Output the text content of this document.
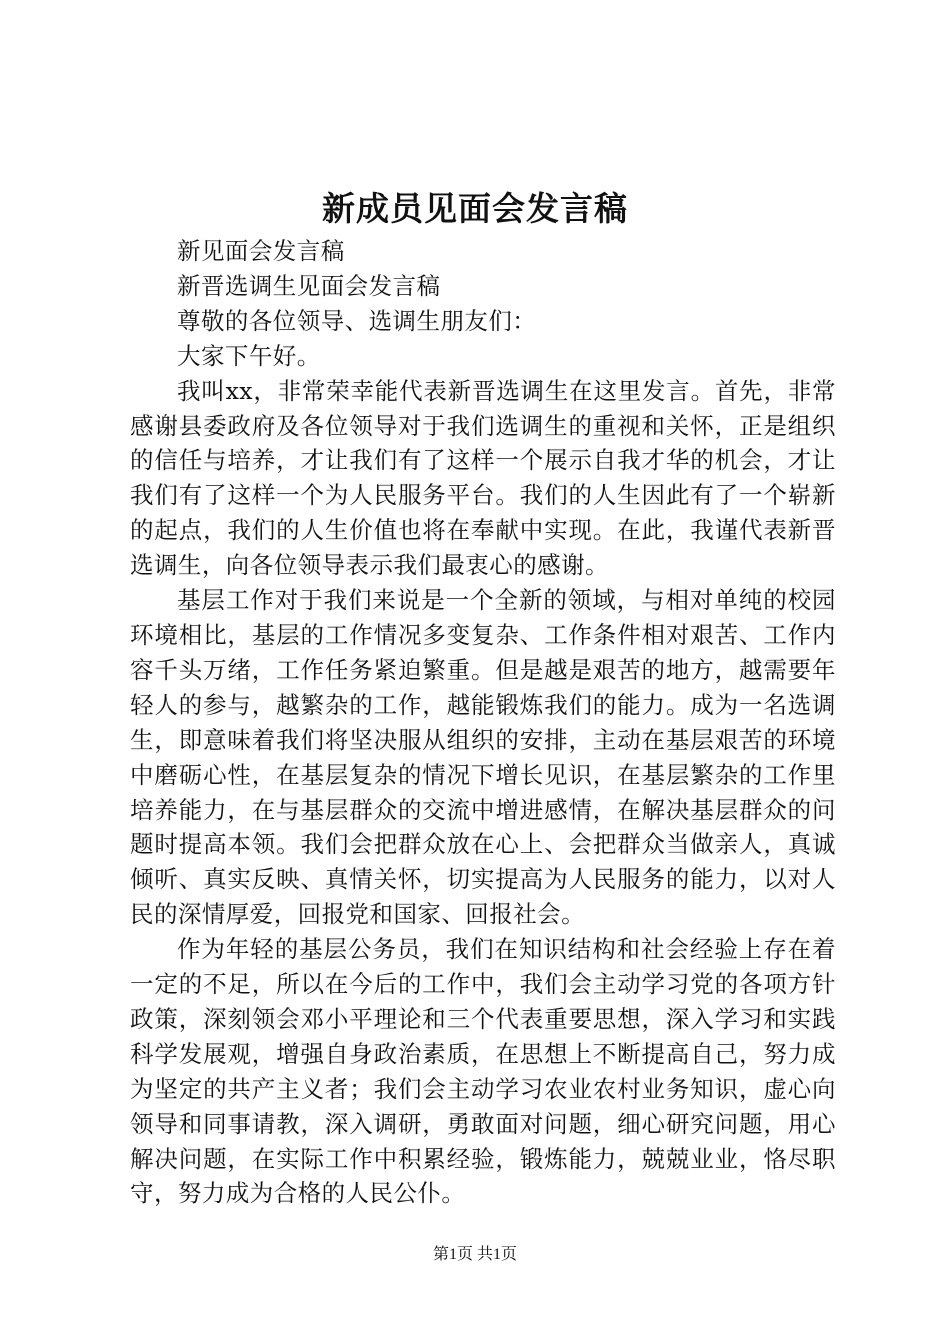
新成员见面会发言稿

新见面会发言稿

新晋选调生见面会发言稿

尊敬的各位领导、选调生朋友们：

大家下午好。

我叫xx，非常荣幸能代表新晋选调生在这里发言。首先，非常感谢县委政府及各位领导对于我们选调生的重视和关怀，正是组织的信任与培养，才让我们有了这样一个展示自我才华的机会，才让我们有了这样一个为人民服务平台。我们的人生因此有了一个崭新的起点，我们的人生价值也将在奉献中实现。在此，我谨代表新晋选调生，向各位领导表示我们最衷心的感谢。

基层工作对于我们来说是一个全新的领域，与相对单纯的校园环境相比，基层的工作情况多变复杂、工作条件相对艰苦、工作内容千头万绪，工作任务紧迫繁重。但是越是艰苦的地方，越需要年轻人的参与，越繁杂的工作，越能锻炼我们的能力。成为一名选调生，即意味着我们将坚决服从组织的安排，主动在基层艰苦的环境中磨砺心性，在基层复杂的情况下增长见识，在基层繁杂的工作里培养能力，在与基层群众的交流中增进感情，在解决基层群众的问题时提高本领。我们会把群众放在心上、会把群众当做亲人，真诚倾听、真实反映、真情关怀，切实提高为人民服务的能力，以对人民的深情厚爱，回报党和国家、回报社会。

作为年轻的基层公务员，我们在知识结构和社会经验上存在着一定的不足，所以在今后的工作中，我们会主动学习党的各项方针政策，深刻领会邓小平理论和三个代表重要思想，深入学习和实践科学发展观，增强自身政治素质，在思想上不断提高自己，努力成为坚定的共产主义者；我们会主动学习农业农村业务知识，虚心向领导和同事请教，深入调研，勇敢面对问题，细心研究问题，用心解决问题，在实际工作中积累经验，锻炼能力，兢兢业业，恪尽职守，努力成为合格的人民公仆。

第1页 共1页
